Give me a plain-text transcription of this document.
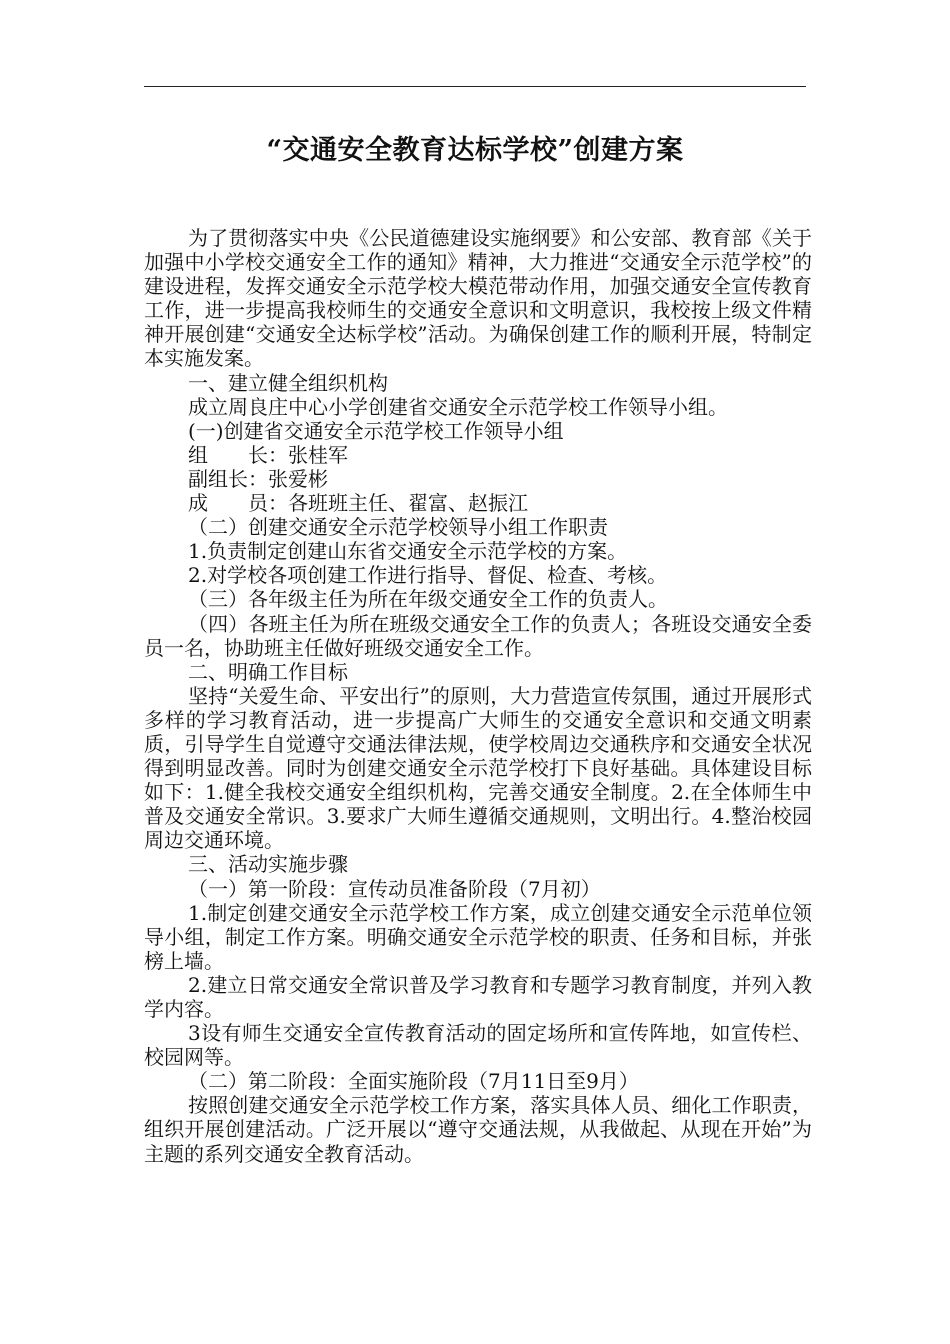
“交通安全教育达标学校”创建方案

为了贯彻落实中央《公民道德建设实施纲要》和公安部、教育部《关于加强中小学校交通安全工作的通知》精神，大力推进“交通安全示范学校”的建设进程，发挥交通安全示范学校大模范带动作用，加强交通安全宣传教育工作，进一步提高我校师生的交通安全意识和文明意识，我校按上级文件精神开展创建“交通安全达标学校”活动。为确保创建工作的顺利开展，特制定本实施发案。

一、建立健全组织机构

成立周良庄中心小学创建省交通安全示范学校工作领导小组。

(一)创建省交通安全示范学校工作领导小组

组　　长：张桂军

副组长：张爱彬

成　　员：各班班主任、翟富、赵振江

（二）创建交通安全示范学校领导小组工作职责

1.负责制定创建山东省交通安全示范学校的方案。

2.对学校各项创建工作进行指导、督促、检查、考核。

（三）各年级主任为所在年级交通安全工作的负责人。

（四）各班主任为所在班级交通安全工作的负责人；各班设交通安全委员一名，协助班主任做好班级交通安全工作。

二、明确工作目标

坚持“关爱生命、平安出行”的原则，大力营造宣传氛围，通过开展形式多样的学习教育活动，进一步提高广大师生的交通安全意识和交通文明素质，引导学生自觉遵守交通法律法规，使学校周边交通秩序和交通安全状况得到明显改善。同时为创建交通安全示范学校打下良好基础。具体建设目标如下：1.健全我校交通安全组织机构，完善交通安全制度。2.在全体师生中普及交通安全常识。3.要求广大师生遵循交通规则，文明出行。4.整治校园周边交通环境。

三、活动实施步骤

（一）第一阶段：宣传动员准备阶段（7月初）

1.制定创建交通安全示范学校工作方案，成立创建交通安全示范单位领导小组，制定工作方案。明确交通安全示范学校的职责、任务和目标，并张榜上墙。

2.建立日常交通安全常识普及学习教育和专题学习教育制度，并列入教学内容。

3设有师生交通安全宣传教育活动的固定场所和宣传阵地，如宣传栏、校园网等。

（二）第二阶段：全面实施阶段（7月11日至9月）

按照创建交通安全示范学校工作方案，落实具体人员、细化工作职责，组织开展创建活动。广泛开展以“遵守交通法规，从我做起、从现在开始”为主题的系列交通安全教育活动。
